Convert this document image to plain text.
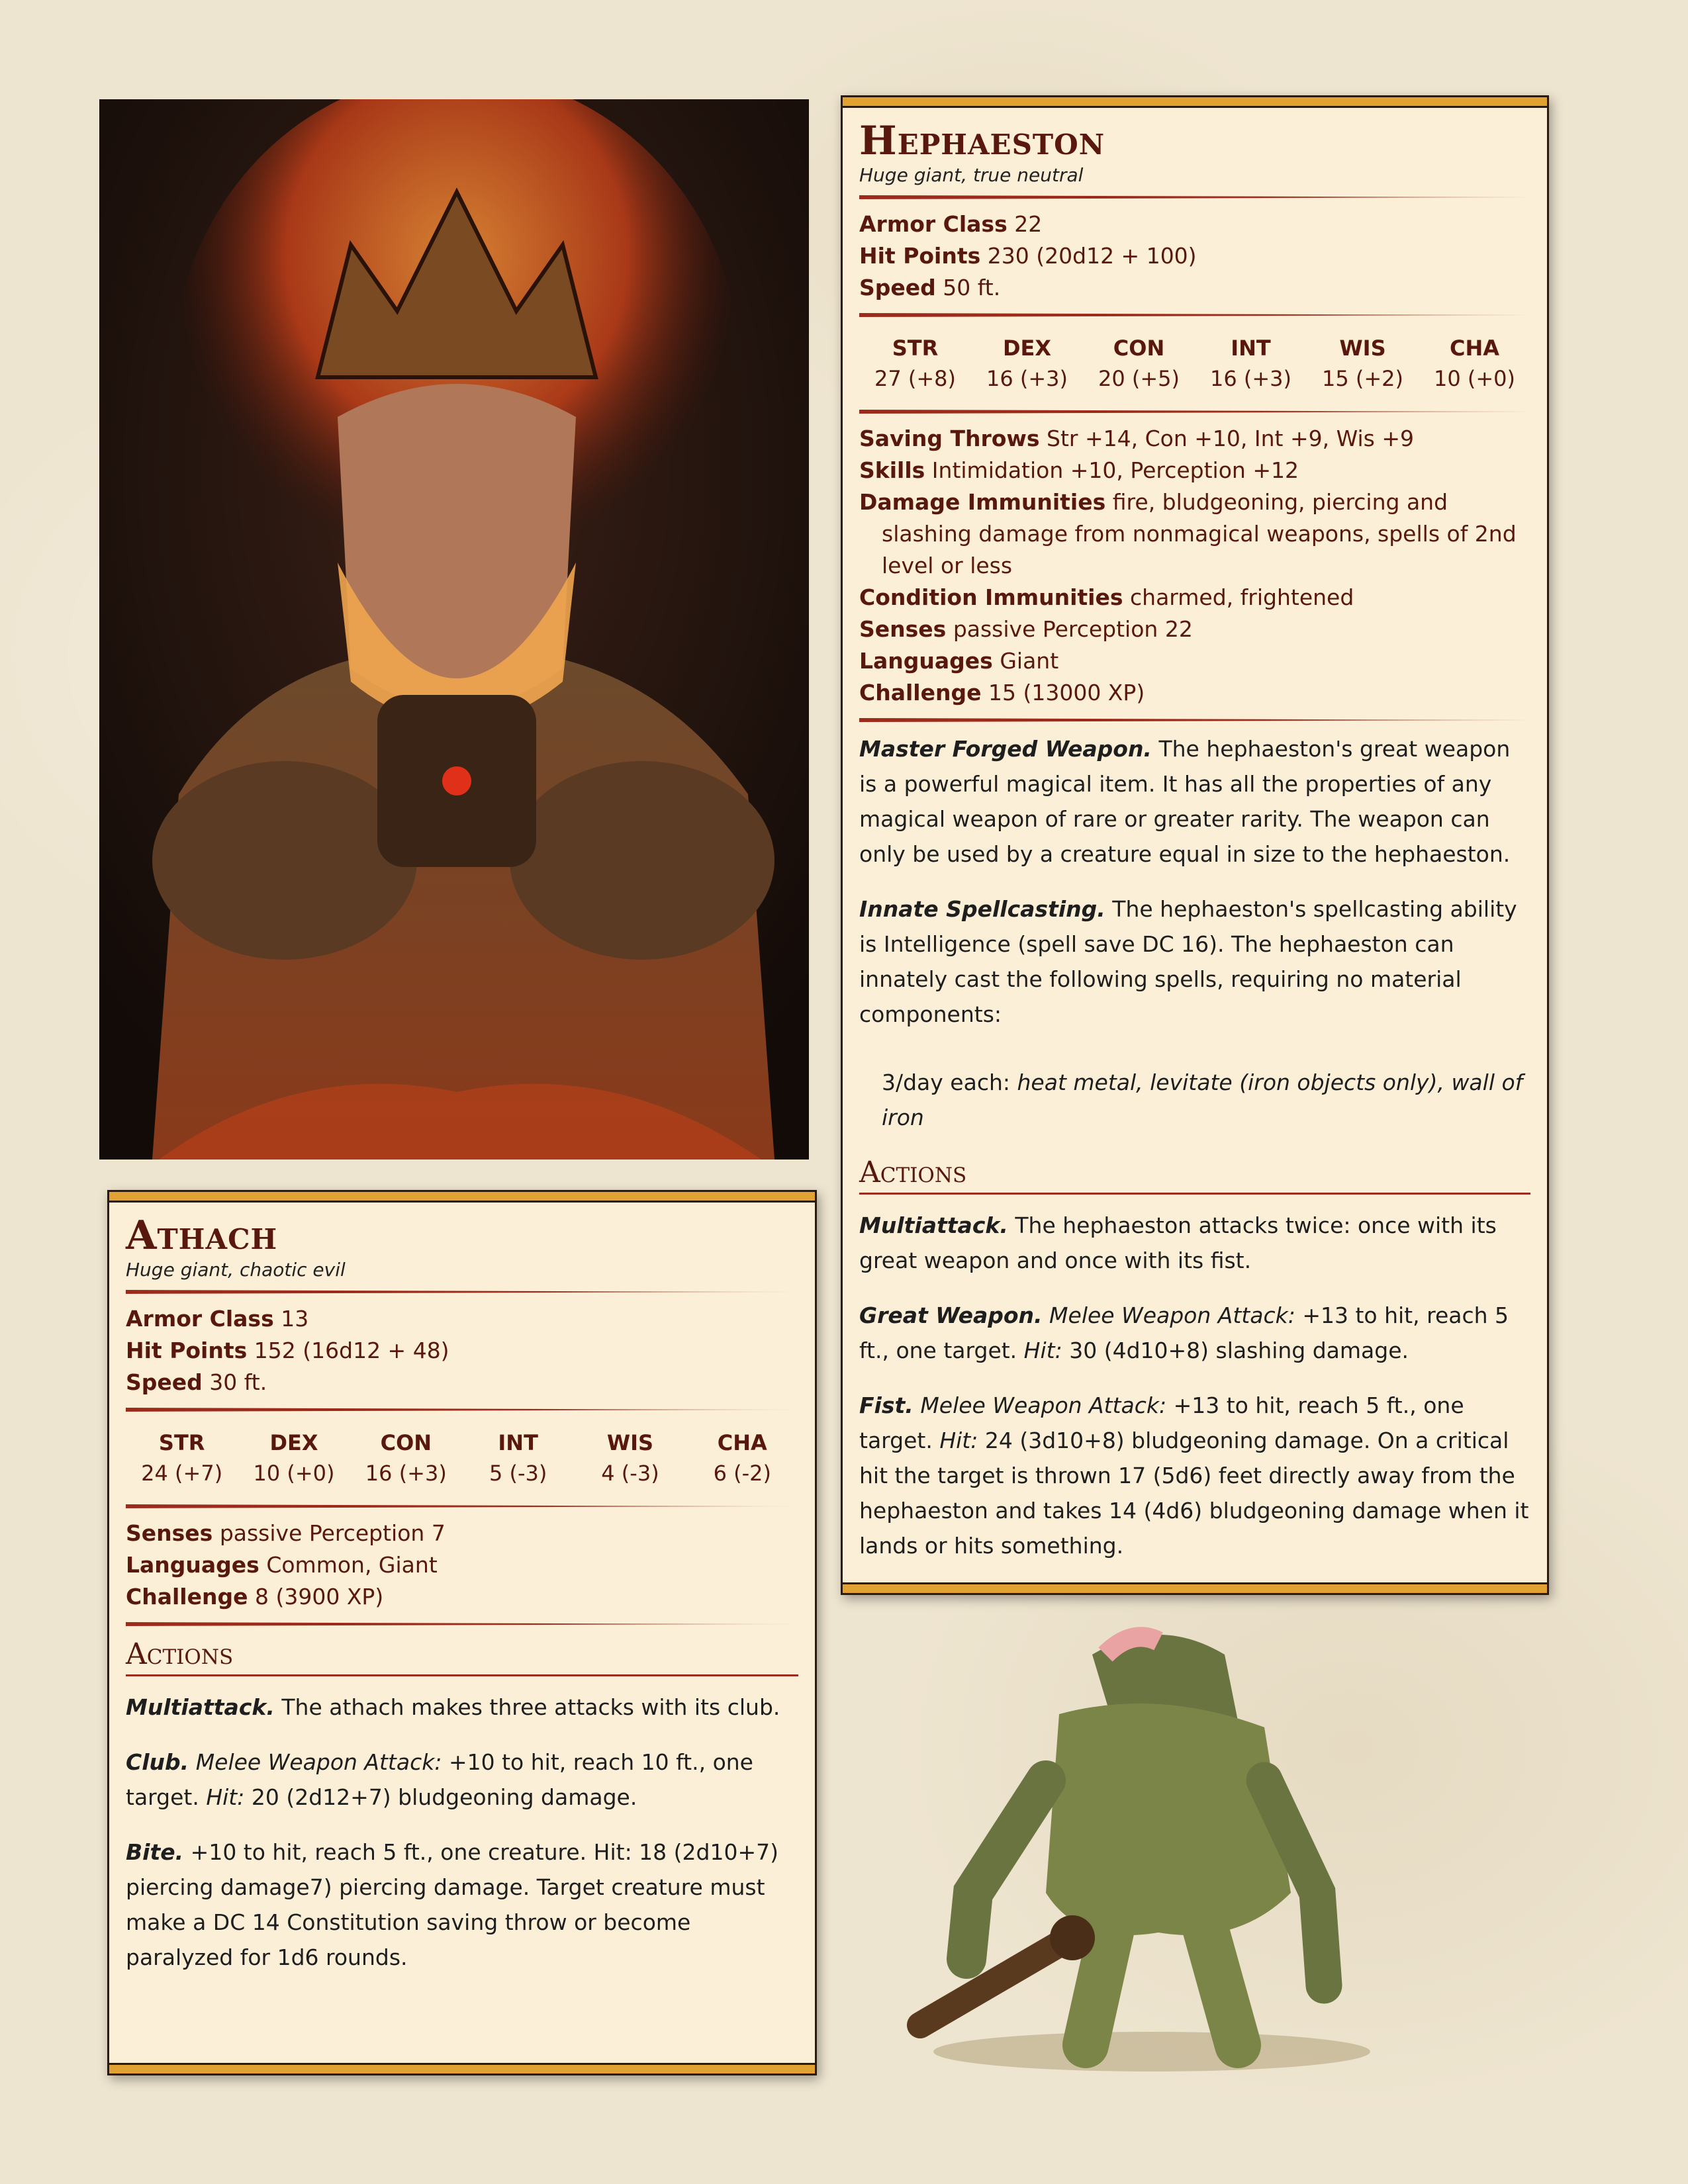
Hephaeston
Huge giant, true neutral
Armor Class 22
Hit Points 230 (20d12 + 100)
Speed 50 ft.
STR
27 (+8)
DEX
16 (+3)
CON
20 (+5)
INT
16 (+3)
WIS
15 (+2)
CHA
10 (+0)
Saving Throws Str +14, Con +10, Int +9, Wis +9
Skills Intimidation +10, Perception +12
Damage Immunities fire, bludgeoning, piercing and slashing damage from nonmagical weapons, spells of 2nd level or less
Condition Immunities charmed, frightened
Senses passive Perception 22
Languages Giant
Challenge 15 (13000 XP)

Master Forged Weapon. The hephaeston's great weapon is a powerful magical item. It has all the properties of any magical weapon of rare or greater rarity. The weapon can only be used by a creature equal in size to the hephaeston.

Innate Spellcasting. The hephaeston's spellcasting ability is Intelligence (spell save DC 16). The hephaeston can innately cast the following spells, requiring no material components:

3/day each: heat metal, levitate (iron objects only), wall of iron
Actions

Multiattack. The hephaeston attacks twice: once with its great weapon and once with its fist.

Great Weapon. Melee Weapon Attack: +13 to hit, reach 5 ft., one target. Hit: 30 (4d10+8) slashing damage.

Fist. Melee Weapon Attack: +13 to hit, reach 5 ft., one target. Hit: 24 (3d10+8) bludgeoning damage. On a critical hit the target is thrown 17 (5d6) feet directly away from the hephaeston and takes 14 (4d6) bludgeoning damage when it lands or hits something.

Athach
Huge giant, chaotic evil
Armor Class 13
Hit Points 152 (16d12 + 48)
Speed 30 ft.
STR
24 (+7)
DEX
10 (+0)
CON
16 (+3)
INT
5 (-3)
WIS
4 (-3)
CHA
6 (-2)
Senses passive Perception 7
Languages Common, Giant
Challenge 8 (3900 XP)
Actions

Multiattack. The athach makes three attacks with its club.

Club. Melee Weapon Attack: +10 to hit, reach 10 ft., one target. Hit: 20 (2d12+7) bludgeoning damage.

Bite. +10 to hit, reach 5 ft., one creature. Hit: 18 (2d10+7) piercing damage7) piercing damage. Target creature must make a DC 14 Constitution saving throw or become paralyzed for 1d6 rounds.
